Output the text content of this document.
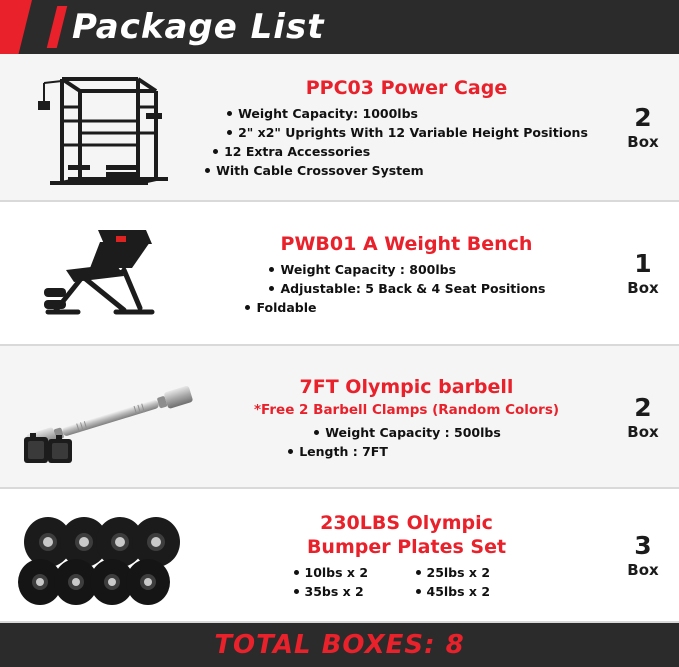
Package List
PPC03 Power Cage
Weight Capacity: 1000lbs
2" x2" Uprights With 12 Variable Height Positions
12 Extra Accessories
With Cable Crossover System
2
Box
PWB01 A Weight Bench
Weight Capacity : 800lbs
Adjustable: 5 Back & 4 Seat Positions
Foldable
1
Box
7FT Olympic barbell
*Free 2 Barbell Clamps (Random Colors)
Weight Capacity : 500lbs
Length : 7FT
2
Box
230LBS Olympic Bumper Plates Set
10lbs x 2	25lbs x 2
35bs x 2	45lbs x 2
3
Box
TOTAL BOXES: 8
